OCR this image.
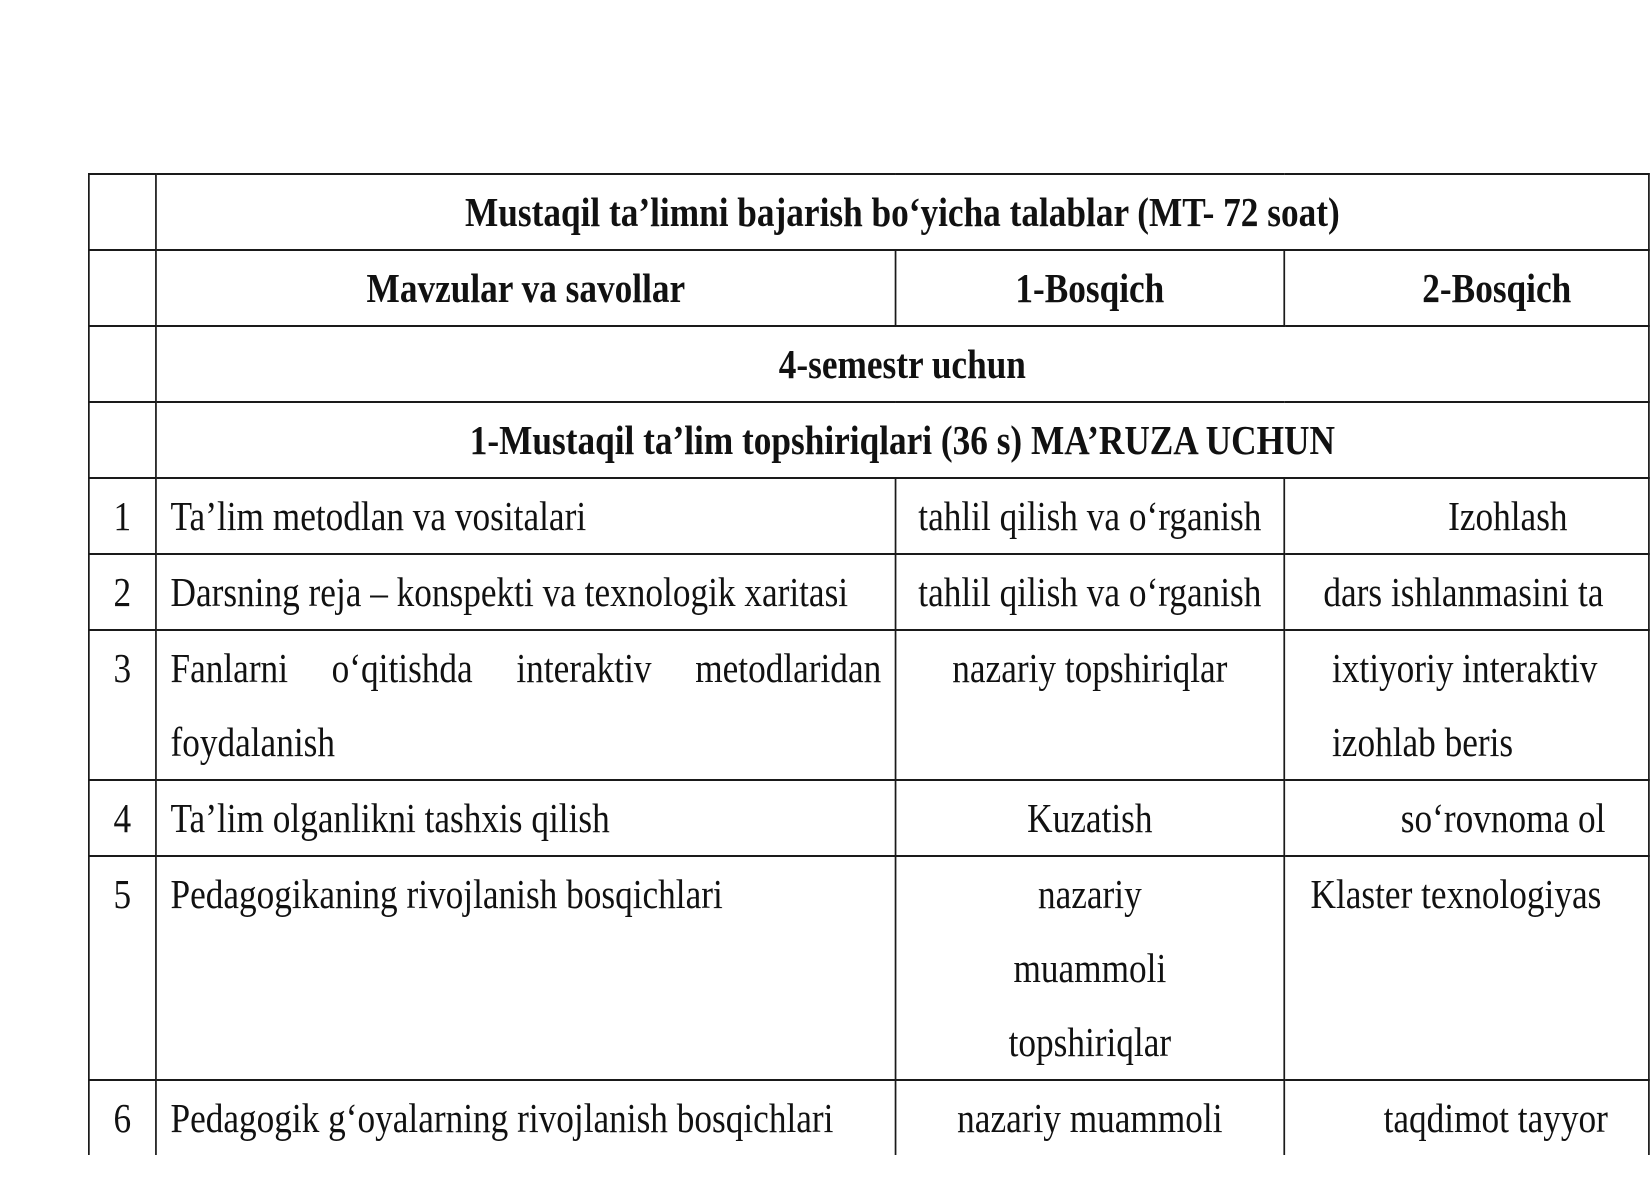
	Mustaqil ta’limni bajarish bo‘yicha talablar (MT- 72 soat)		
	Mavzular va savollar	1-Bosqich	2-Bosqich
	4-semestr uchun		
	1-Mustaqil ta’lim topshiriqlari (36 s) MA’RUZA UCHUN		
1	Ta’lim metodlan va vositalari	tahlil qilish va o‘rganish	Izohlash
2	Darsning reja – konspekti va texnologik xaritasi	tahlil qilish va o‘rganish	dars ishlanmasini ta
3	Fanlarni o‘qitishda interaktiv metodlaridan foydalanish	nazariy topshiriqlar	ixtiyoriy interaktiv izohlab beris
4	Ta’lim olganlikni tashxis qilish	Kuzatish	so‘rovnoma ol
5	Pedagogikaning rivojlanish bosqichlari	nazariy muammoli topshiriqlar	Klaster texnologiyas
6	Pedagogik g‘oyalarning rivojlanish bosqichlari	nazariy muammoli	taqdimot tayyor
